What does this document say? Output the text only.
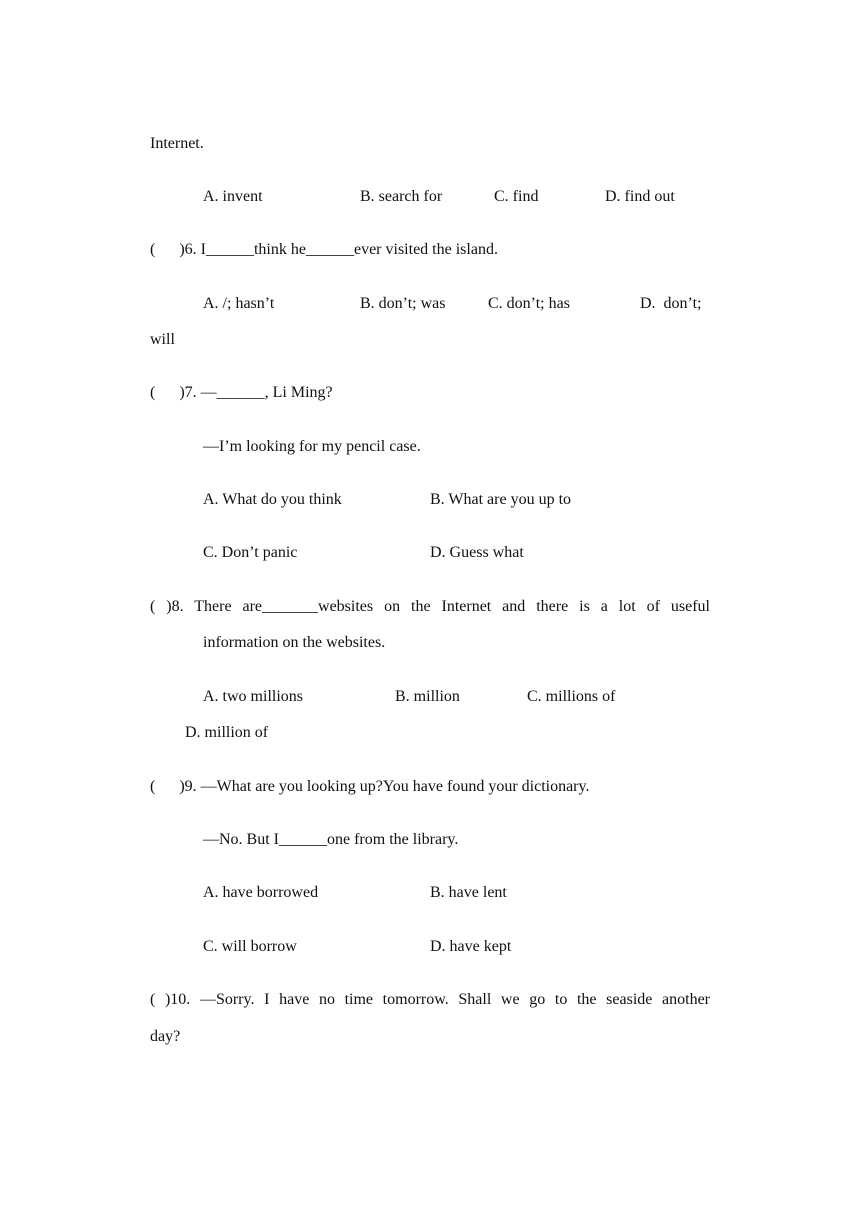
Internet.
A. invent	B. search for	C. find	D. find out
(      )6. I______think he______ever visited the island.
A. /; hasn’t	B. don’t; was	C. don’t; has	D.  don’t;
will
(      )7. —______, Li Ming?
—I’m looking for my pencil case.
A. What do you think	B. What are you up to
C. Don’t panic	D. Guess what
( )8. There are_______websites on the Internet and there is a lot of useful
information on the websites.
A. two millions	B. million	C. millions of
D. million of
(      )9. —What are you looking up?You have found your dictionary.
—No. But I______one from the library.
A. have borrowed	B. have lent
C. will borrow	D. have kept
( )10. —Sorry. I have no time tomorrow. Shall we go to the seaside another
day?
